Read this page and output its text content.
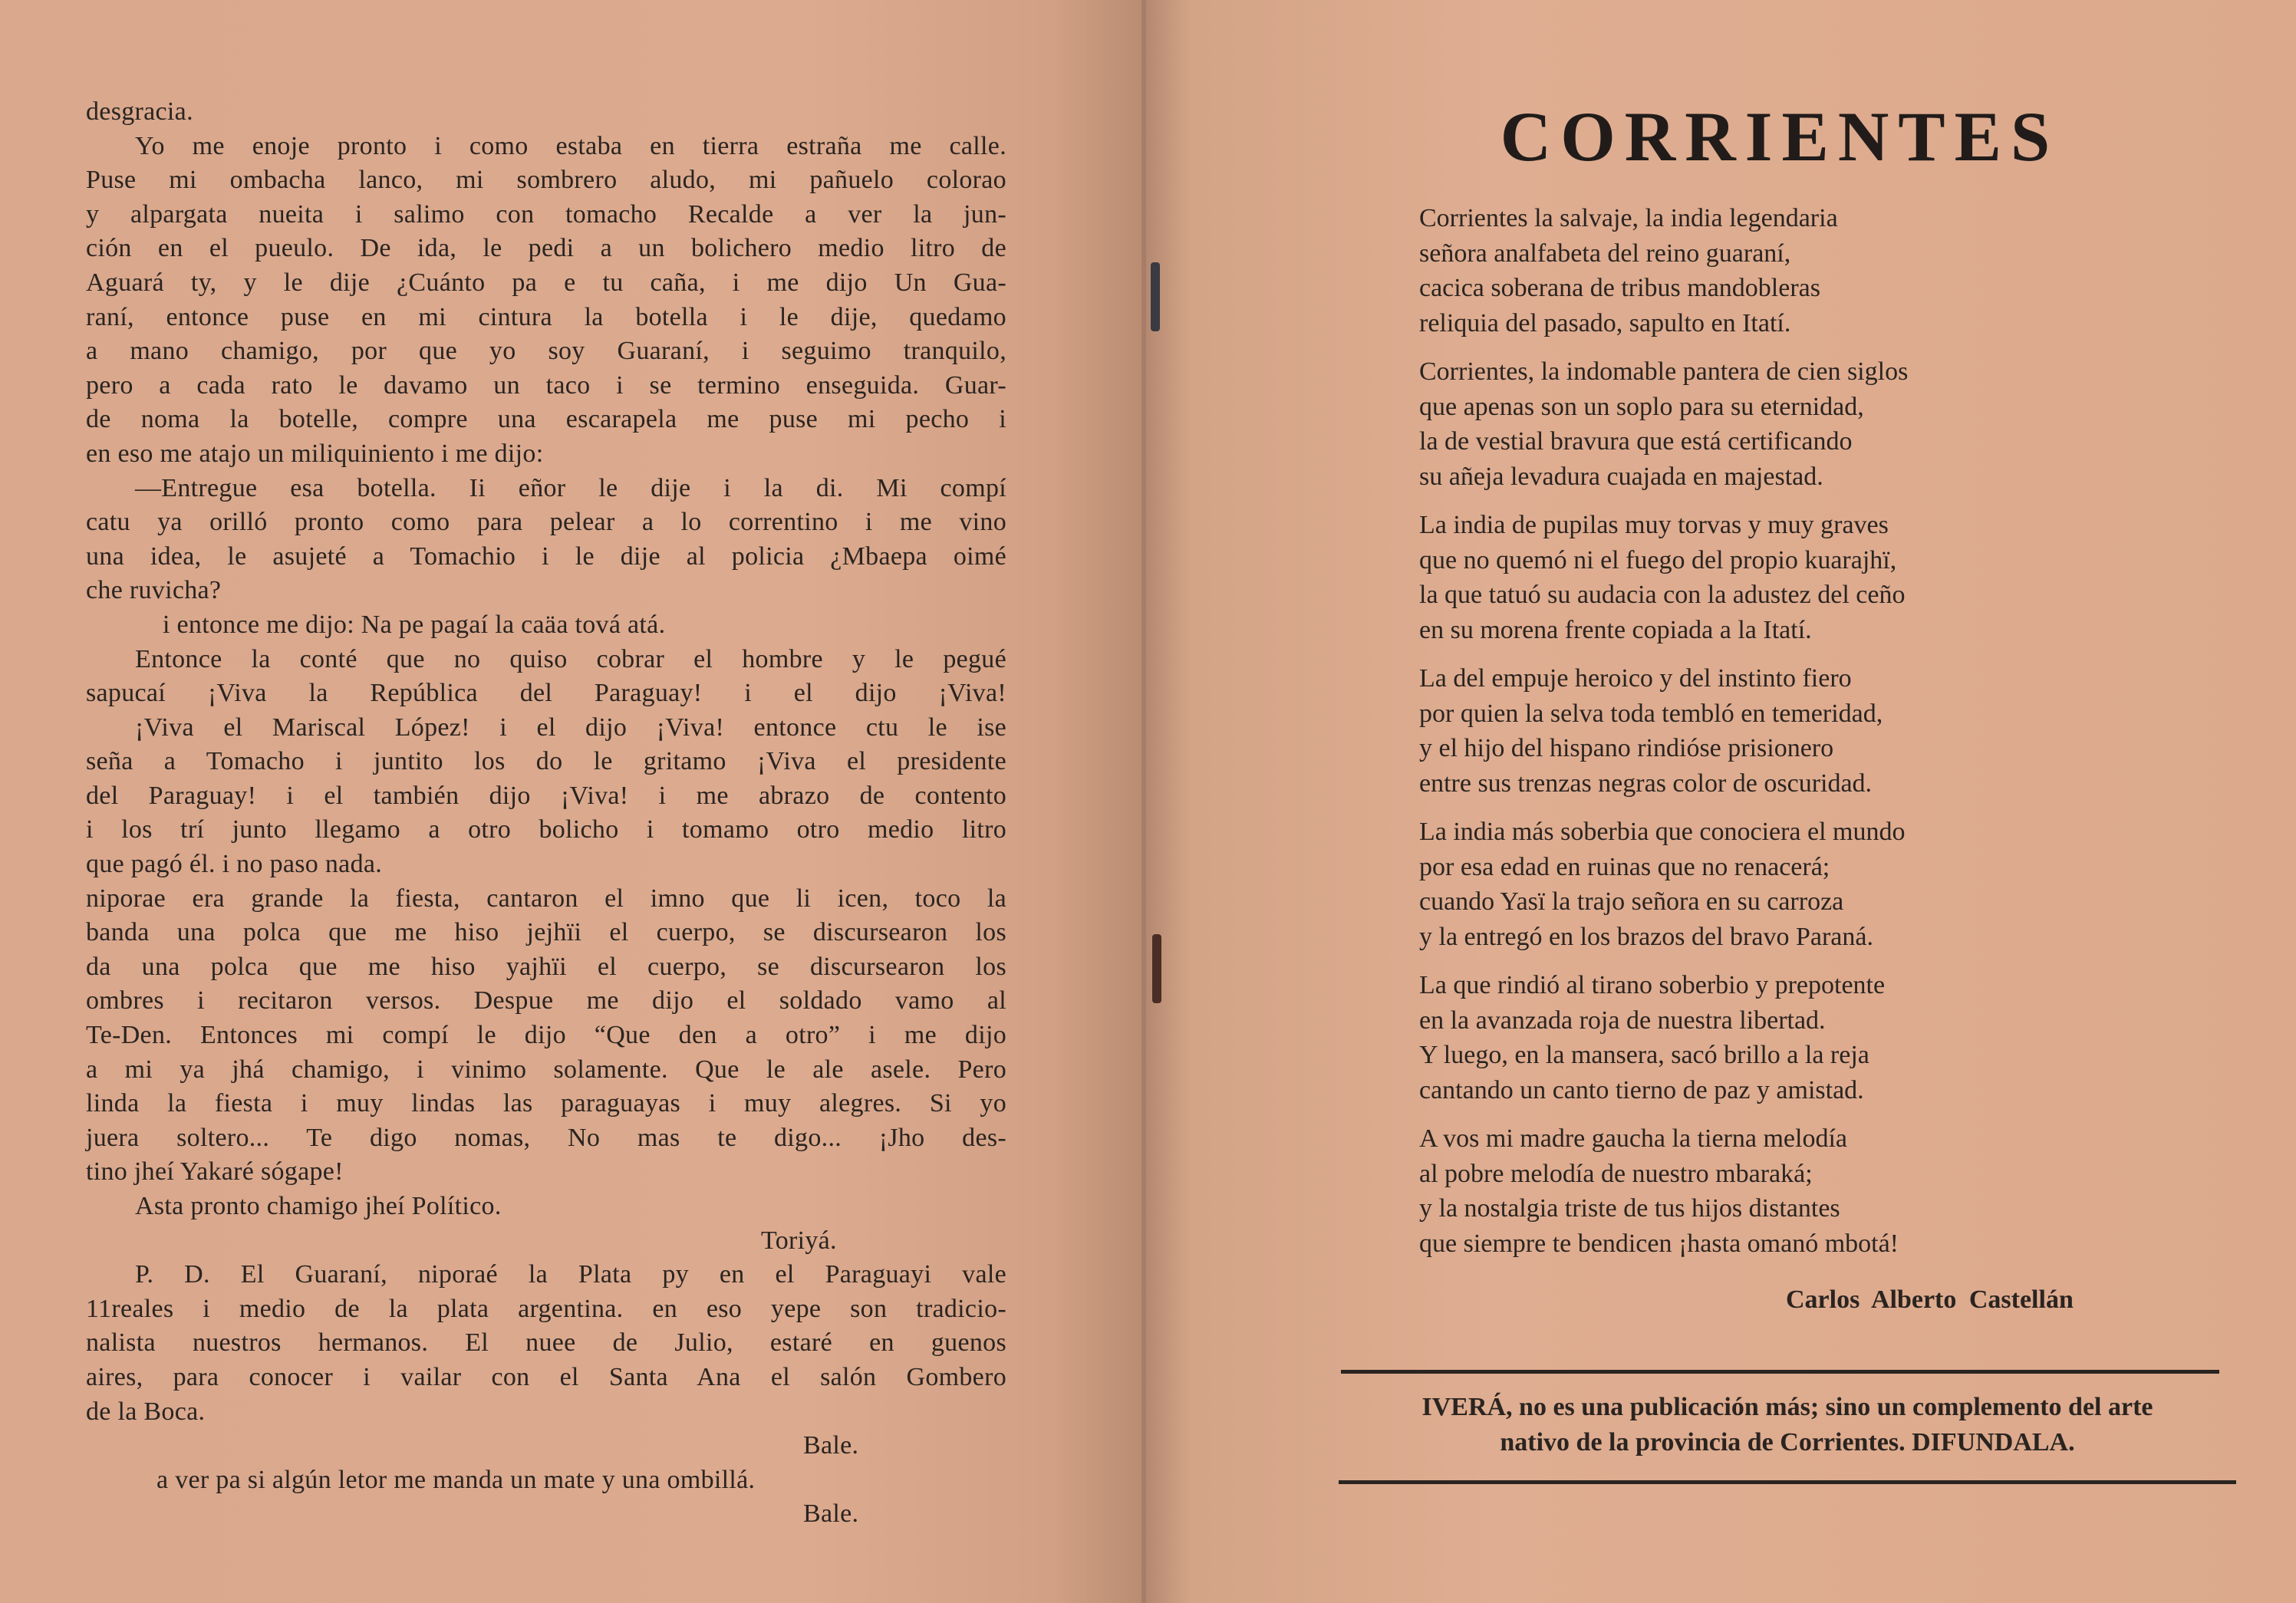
desgracia.
Yo me enoje pronto i como estaba en tierra estraña me calle.
Puse mi ombacha lanco, mi sombrero aludo, mi pañuelo colorao
y alpargata nueita i salimo con tomacho Recalde a ver la jun-
ción en el pueulo. De ida, le pedi a un bolichero medio litro de
Aguará ty, y le dije ¿Cuánto pa e tu caña, i me dijo Un Gua-
raní, entonce puse en mi cintura la botella i le dije, quedamo
a mano chamigo, por que yo soy Guaraní, i seguimo tranquilo,
pero a cada rato le davamo un taco i se termino enseguida. Guar-
de noma la botelle, compre una escarapela me puse mi pecho i
en eso me atajo un miliquiniento i me dijo:
—Entregue esa botella. Ii eñor le dije i la di. Mi compí
catu ya orilló pronto como para pelear a lo correntino i me vino
una idea, le asujeté a Tomachio i le dije al policia ¿Mbaepa oimé
che ruvicha?
i entonce me dijo: Na pe pagaí la caäa tová atá.
Entonce la conté que no quiso cobrar el hombre y le pegué
sapucaí ¡Viva la República del Paraguay! i el dijo ¡Viva!
¡Viva el Mariscal López! i el dijo ¡Viva! entonce ctu le ise
seña a Tomacho i juntito los do le gritamo ¡Viva el presidente
del Paraguay! i el también dijo ¡Viva! i me abrazo de contento
i los trí junto llegamo a otro bolicho i tomamo otro medio litro
que pagó él. i no paso nada.
niporae era grande la fiesta, cantaron el imno que li icen, toco la
banda una polca que me hiso jejhïi el cuerpo, se discursearon los
da una polca que me hiso yajhïi el cuerpo, se discursearon los
ombres i recitaron versos. Despue me dijo el soldado vamo al
Te-Den. Entonces mi compí le dijo “Que den a otro” i me dijo
a mi ya jhá chamigo, i vinimo solamente. Que le ale asele. Pero
linda la fiesta i muy lindas las paraguayas i muy alegres. Si yo
juera soltero... Te digo nomas, No mas te digo... ¡Jho des-
tino jheí Yakaré sógape!
Asta pronto chamigo jheí Político.
Toriyá.
P. D. El Guaraní, niporaé la Plata py en el Paraguayi vale
11reales i medio de la plata argentina. en eso yepe son tradicio-
nalista nuestros hermanos. El nuee de Julio, estaré en guenos
aires, para conocer i vailar con el Santa Ana el salón Gombero
de la Boca.
Bale.
a ver pa si algún letor me manda un mate y una ombillá.
Bale.
CORRIENTES
Corrientes la salvaje, la india legendaria
señora analfabeta del reino guaraní,
cacica soberana de tribus mandobleras
reliquia del pasado, sapulto en Itatí.
Corrientes, la indomable pantera de cien siglos
que apenas son un soplo para su eternidad,
la de vestial bravura que está certificando
su añeja levadura cuajada en majestad.
La india de pupilas muy torvas y muy graves
que no quemó ni el fuego del propio kuarajhï,
la que tatuó su audacia con la adustez del ceño
en su morena frente copiada a la Itatí.
La del empuje heroico y del instinto fiero
por quien la selva toda tembló en temeridad,
y el hijo del hispano rindióse prisionero
entre sus trenzas negras color de oscuridad.
La india más soberbia que conociera el mundo
por esa edad en ruinas que no renacerá;
cuando Yasï la trajo señora en su carroza
y la entregó en los brazos del bravo Paraná.
La que rindió al tirano soberbio y prepotente
en la avanzada roja de nuestra libertad.
Y luego, en la mansera, sacó brillo a la reja
cantando un canto tierno de paz y amistad.
A vos mi madre gaucha la tierna melodía
al pobre melodía de nuestro mbaraká;
y la nostalgia triste de tus hijos distantes
que siempre te bendicen ¡hasta omanó mbotá!
Carlos Alberto Castellán
IVERÁ, no es una publicación más; sino un complemento del arte
nativo de la provincia de Corrientes. DIFUNDALA.
